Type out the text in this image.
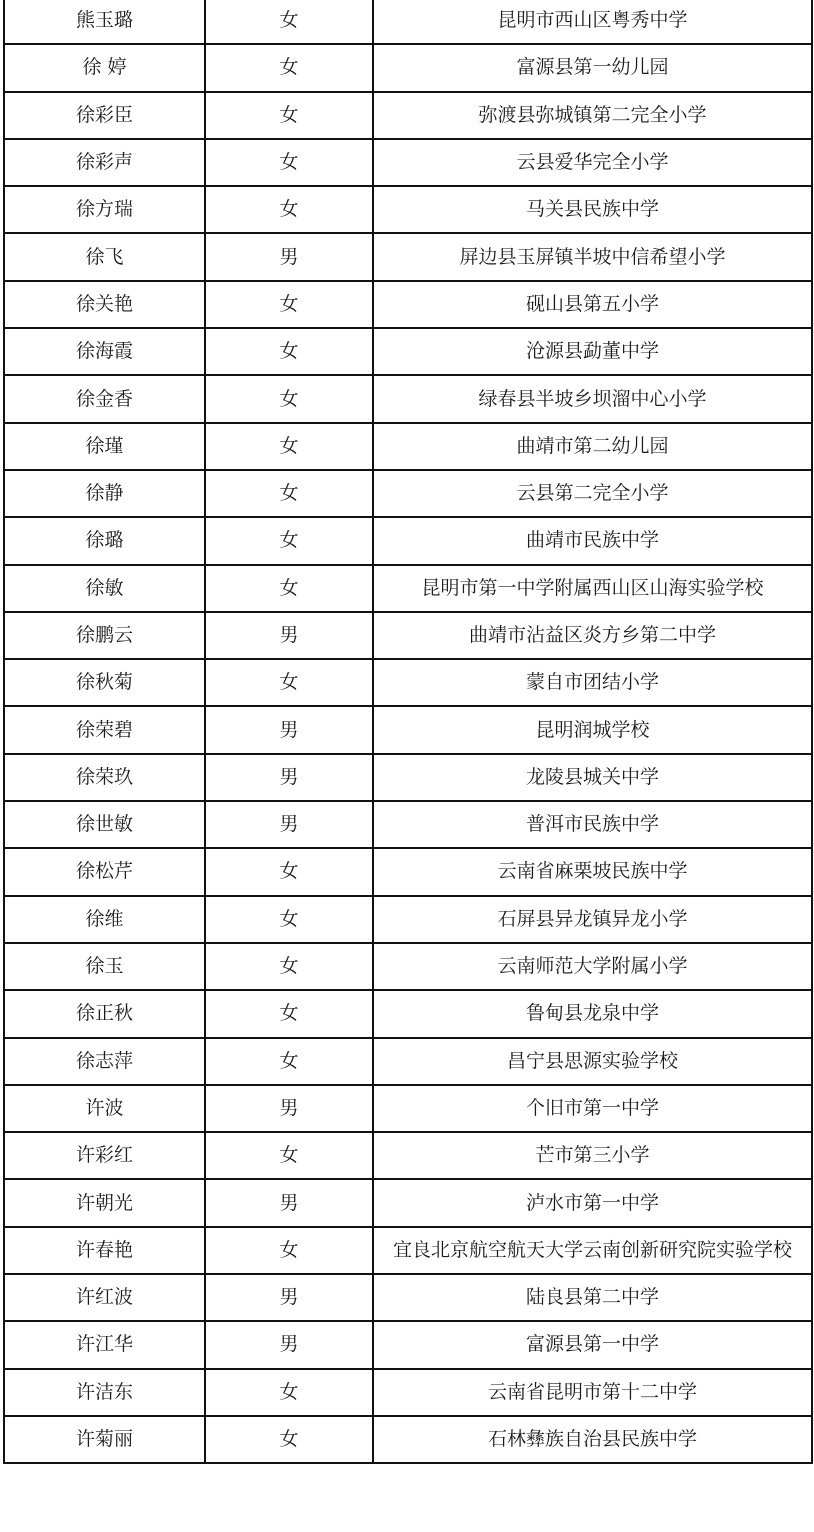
熊玉璐	女	昆明市西山区粤秀中学
徐 婷	女	富源县第一幼儿园
徐彩臣	女	弥渡县弥城镇第二完全小学
徐彩声	女	云县爱华完全小学
徐方瑞	女	马关县民族中学
徐飞	男	屏边县玉屏镇半坡中信希望小学
徐关艳	女	砚山县第五小学
徐海霞	女	沧源县勐董中学
徐金香	女	绿春县半坡乡坝溜中心小学
徐瑾	女	曲靖市第二幼儿园
徐静	女	云县第二完全小学
徐璐	女	曲靖市民族中学
徐敏	女	昆明市第一中学附属西山区山海实验学校
徐鹏云	男	曲靖市沾益区炎方乡第二中学
徐秋菊	女	蒙自市团结小学
徐荣碧	男	昆明润城学校
徐荣玖	男	龙陵县城关中学
徐世敏	男	普洱市民族中学
徐松芹	女	云南省麻栗坡民族中学
徐维	女	石屏县异龙镇异龙小学
徐玉	女	云南师范大学附属小学
徐正秋	女	鲁甸县龙泉中学
徐志萍	女	昌宁县思源实验学校
许波	男	个旧市第一中学
许彩红	女	芒市第三小学
许朝光	男	泸水市第一中学
许春艳	女	宜良北京航空航天大学云南创新研究院实验学校
许红波	男	陆良县第二中学
许江华	男	富源县第一中学
许洁东	女	云南省昆明市第十二中学
许菊丽	女	石林彝族自治县民族中学
